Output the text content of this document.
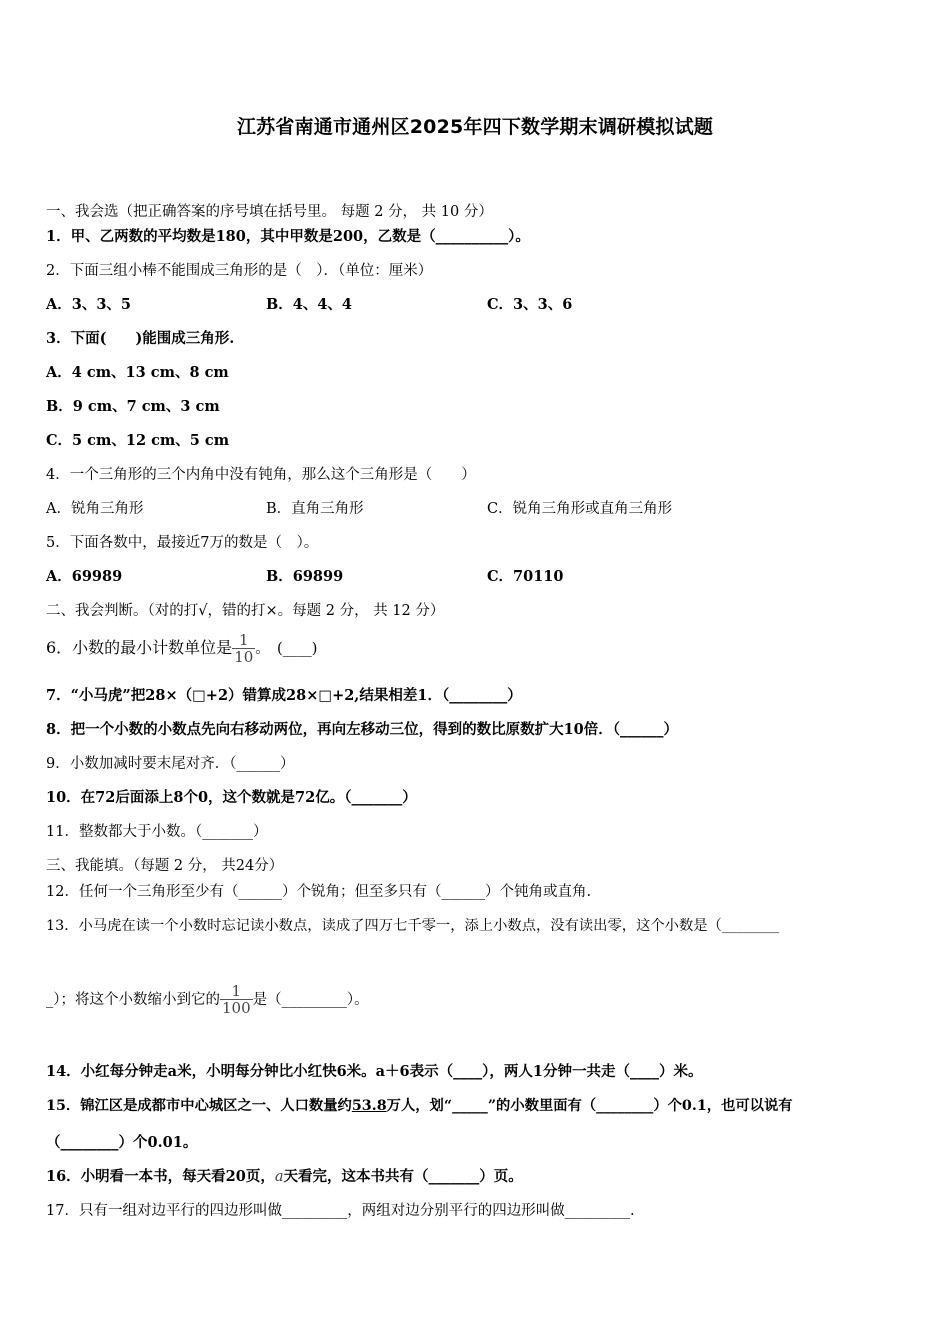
江苏省南通市通州区2025年四下数学期末调研模拟试题
一、我会选（把正确答案的序号填在括号里。 每题 2 分， 共 10 分）
1．甲、乙两数的平均数是180，其中甲数是200，乙数是（__________）。
2．下面三组小棒不能围成三角形的是（　）．（单位：厘米）
A．3、3、5	B．4、4、4	C．3、3、6
3．下面(　　)能围成三角形.
A．4 cm、13 cm、8 cm
B．9 cm、7 cm、3 cm
C．5 cm、12 cm、5 cm
4．一个三角形的三个内角中没有钝角，那么这个三角形是（　　）
A．锐角三角形	B．直角三角形	C．锐角三角形或直角三角形
5．下面各数中，最接近7万的数是（　）。
A．69989	B．69899	C．70110
二、我会判断。（对的打√，错的打×。每题 2 分， 共 12 分）
6．小数的最小计数单位是 $\frac{1}{10}$ 。　(____)
7．“小马虎”把28×（□+2）错算成28×□+2,结果相差1．（________）
8．把一个小数的小数点先向右移动两位，再向左移动三位，得到的数比原数扩大10倍．（______）
9．小数加减时要末尾对齐．（______）
10．在72后面添上8个0，这个数就是72亿。（_______）
11．整数都大于小数。（_______）
三、我能填。（每题 2 分， 共24分）
12．任何一个三角形至少有（______）个锐角；但至多只有（______）个钝角或直角.
13．小马虎在读一个小数时忘记读小数点，读成了四万七千零一，添上小数点，没有读出零，这个小数是（________
_）；将这个小数缩小到它的 $\frac{1}{100}$ 是（_________）。
14．小红每分钟走a米，小明每分钟比小红快6米。a＋6表示（____），两人1分钟一共走（____）米。
15．锦江区是成都市中心城区之一、人口数量约53.8万人，划“_____”的小数里面有（________）个0.1，也可以说有
（________）个0.01。
16．小明看一本书，每天看20页，a天看完，这本书共有（_______）页。
17．只有一组对边平行的四边形叫做_________，两组对边分别平行的四边形叫做_________.
